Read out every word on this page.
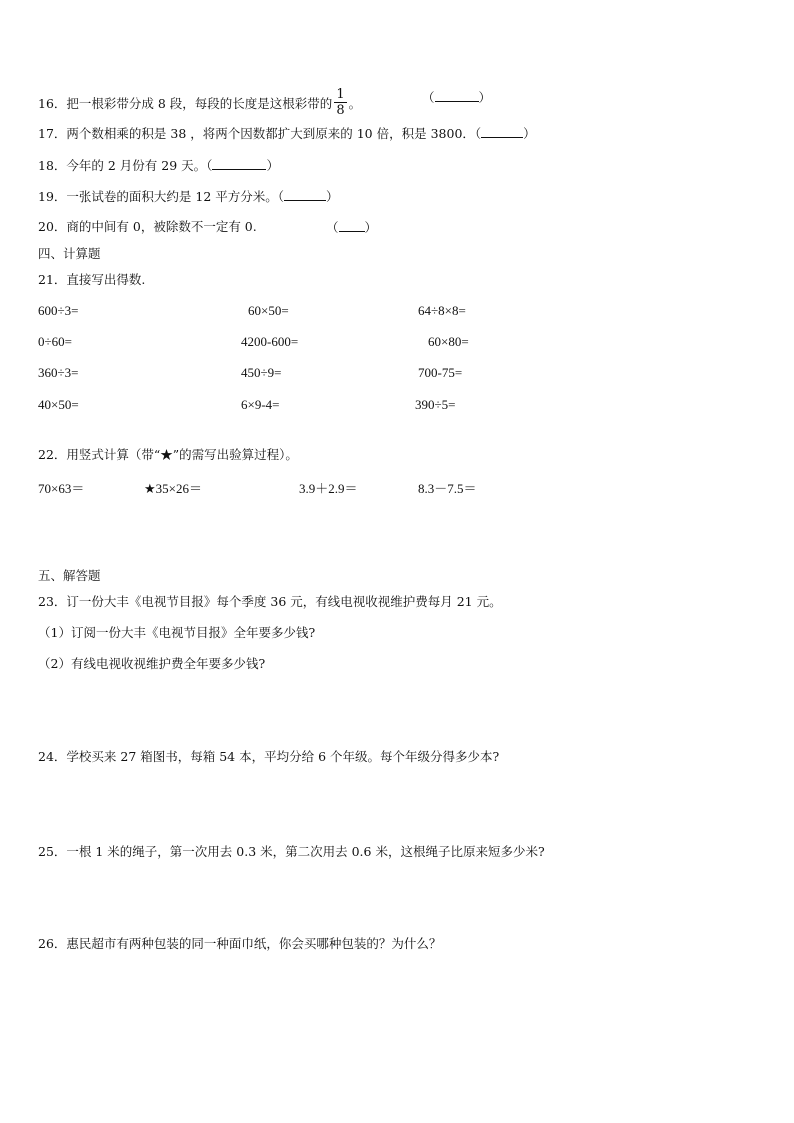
16．把一根彩带分成 8 段，每段的长度是这根彩带的 $\frac{1}{8}$ 。	（	）
17．两个数相乘的积是 38 ，将两个因数都扩大到原来的 10 倍，积是 3800．（	）
18．今年的 2 月份有 29 天。（	）
19．一张试卷的面积大约是 12 平方分米。（	）
20．商的中间有 0，被除数不一定有 0.	（ ）
四、计算题
21．直接写出得数.
600÷3=	60×50=	64÷8×8=
0÷60=	4200-600=	60×80=
360÷3=	450÷9=	700-75=
40×50=	6×9-4=	390÷5=
22．用竖式计算（带“★”的需写出验算过程）。
70×63＝	★35×26＝	3.9＋2.9＝	8.3－7.5＝
五、解答题
23．订一份大丰《电视节目报》每个季度 36 元，有线电视收视维护费每月 21 元。
（1）订阅一份大丰《电视节目报》全年要多少钱?
（2）有线电视收视维护费全年要多少钱?
24．学校买来 27 箱图书，每箱 54 本，平均分给 6 个年级。每个年级分得多少本?
25．一根 1 米的绳子，第一次用去 0.3 米，第二次用去 0.6 米，这根绳子比原来短多少米?
26．惠民超市有两种包装的同一种面巾纸，你会买哪种包装的？为什么？
